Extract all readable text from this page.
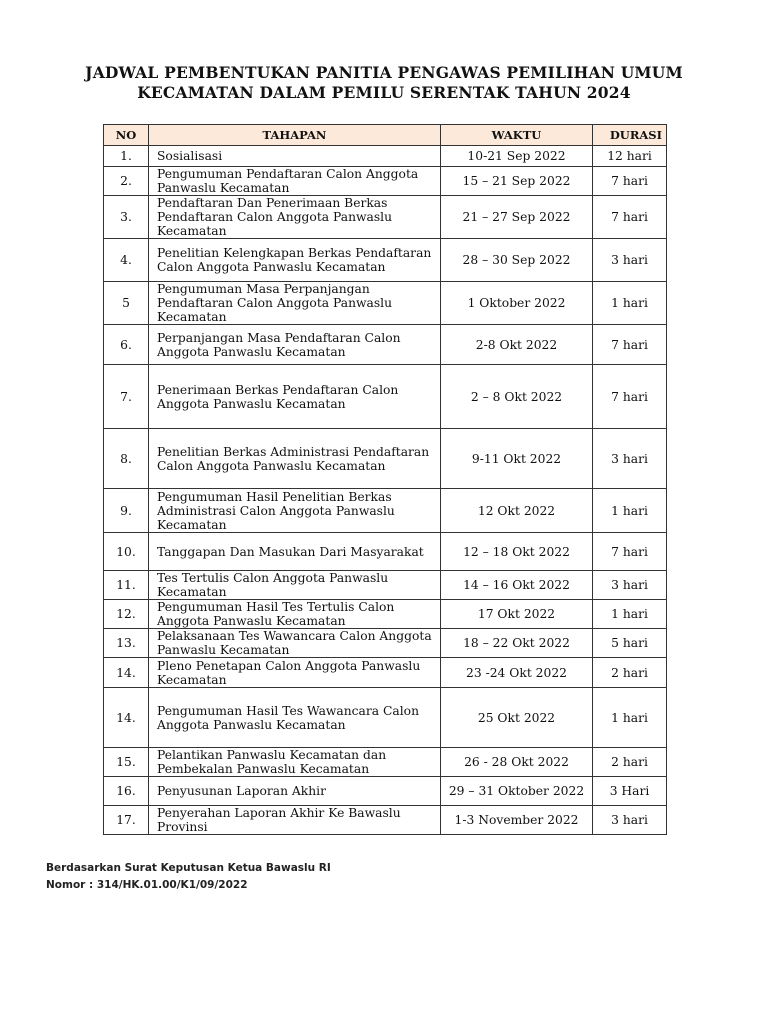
JADWAL PEMBENTUKAN PANITIA PENGAWAS PEMILIHAN UMUM
KECAMATAN DALAM PEMILU SERENTAK TAHUN 2024
NO	TAHAPAN	WAKTU	DURASI
1.	Sosialisasi	10-21 Sep 2022	12 hari
2.	Pengumuman Pendaftaran Calon Anggota Panwaslu Kecamatan	15 – 21 Sep 2022	7 hari
3.	Pendaftaran Dan Penerimaan Berkas Pendaftaran Calon Anggota Panwaslu Kecamatan	21 – 27 Sep 2022	7 hari
4.	Penelitian Kelengkapan Berkas Pendaftaran Calon Anggota Panwaslu Kecamatan	28 – 30 Sep 2022	3 hari
5	Pengumuman Masa Perpanjangan Pendaftaran Calon Anggota Panwaslu Kecamatan	1 Oktober 2022	1 hari
6.	Perpanjangan Masa Pendaftaran Calon Anggota Panwaslu Kecamatan	2-8 Okt 2022	7 hari
7.	Penerimaan Berkas Pendaftaran Calon Anggota Panwaslu Kecamatan	2 – 8 Okt 2022	7 hari
8.	Penelitian Berkas Administrasi Pendaftaran Calon Anggota Panwaslu Kecamatan	9-11 Okt 2022	3 hari
9.	Pengumuman Hasil Penelitian Berkas Administrasi Calon Anggota Panwaslu Kecamatan	12 Okt 2022	1 hari
10.	Tanggapan Dan Masukan Dari Masyarakat	12 – 18 Okt 2022	7 hari
11.	Tes Tertulis Calon Anggota Panwaslu Kecamatan	14 – 16 Okt 2022	3 hari
12.	Pengumuman Hasil Tes Tertulis Calon Anggota Panwaslu Kecamatan	17 Okt 2022	1 hari
13.	Pelaksanaan Tes Wawancara Calon Anggota Panwaslu Kecamatan	18 – 22 Okt 2022	5 hari
14.	Pleno Penetapan Calon Anggota Panwaslu Kecamatan	23 -24 Okt 2022	2 hari
14.	Pengumuman Hasil Tes Wawancara Calon Anggota Panwaslu Kecamatan	25 Okt 2022	1 hari
15.	Pelantikan Panwaslu Kecamatan dan Pembekalan Panwaslu Kecamatan	26 - 28 Okt 2022	2 hari
16.	Penyusunan Laporan Akhir	29 – 31 Oktober 2022	3 Hari
17.	Penyerahan Laporan Akhir Ke Bawaslu Provinsi	1-3 November 2022	3 hari
Berdasarkan Surat Keputusan Ketua Bawaslu RI
Nomor : 314/HK.01.00/K1/09/2022
